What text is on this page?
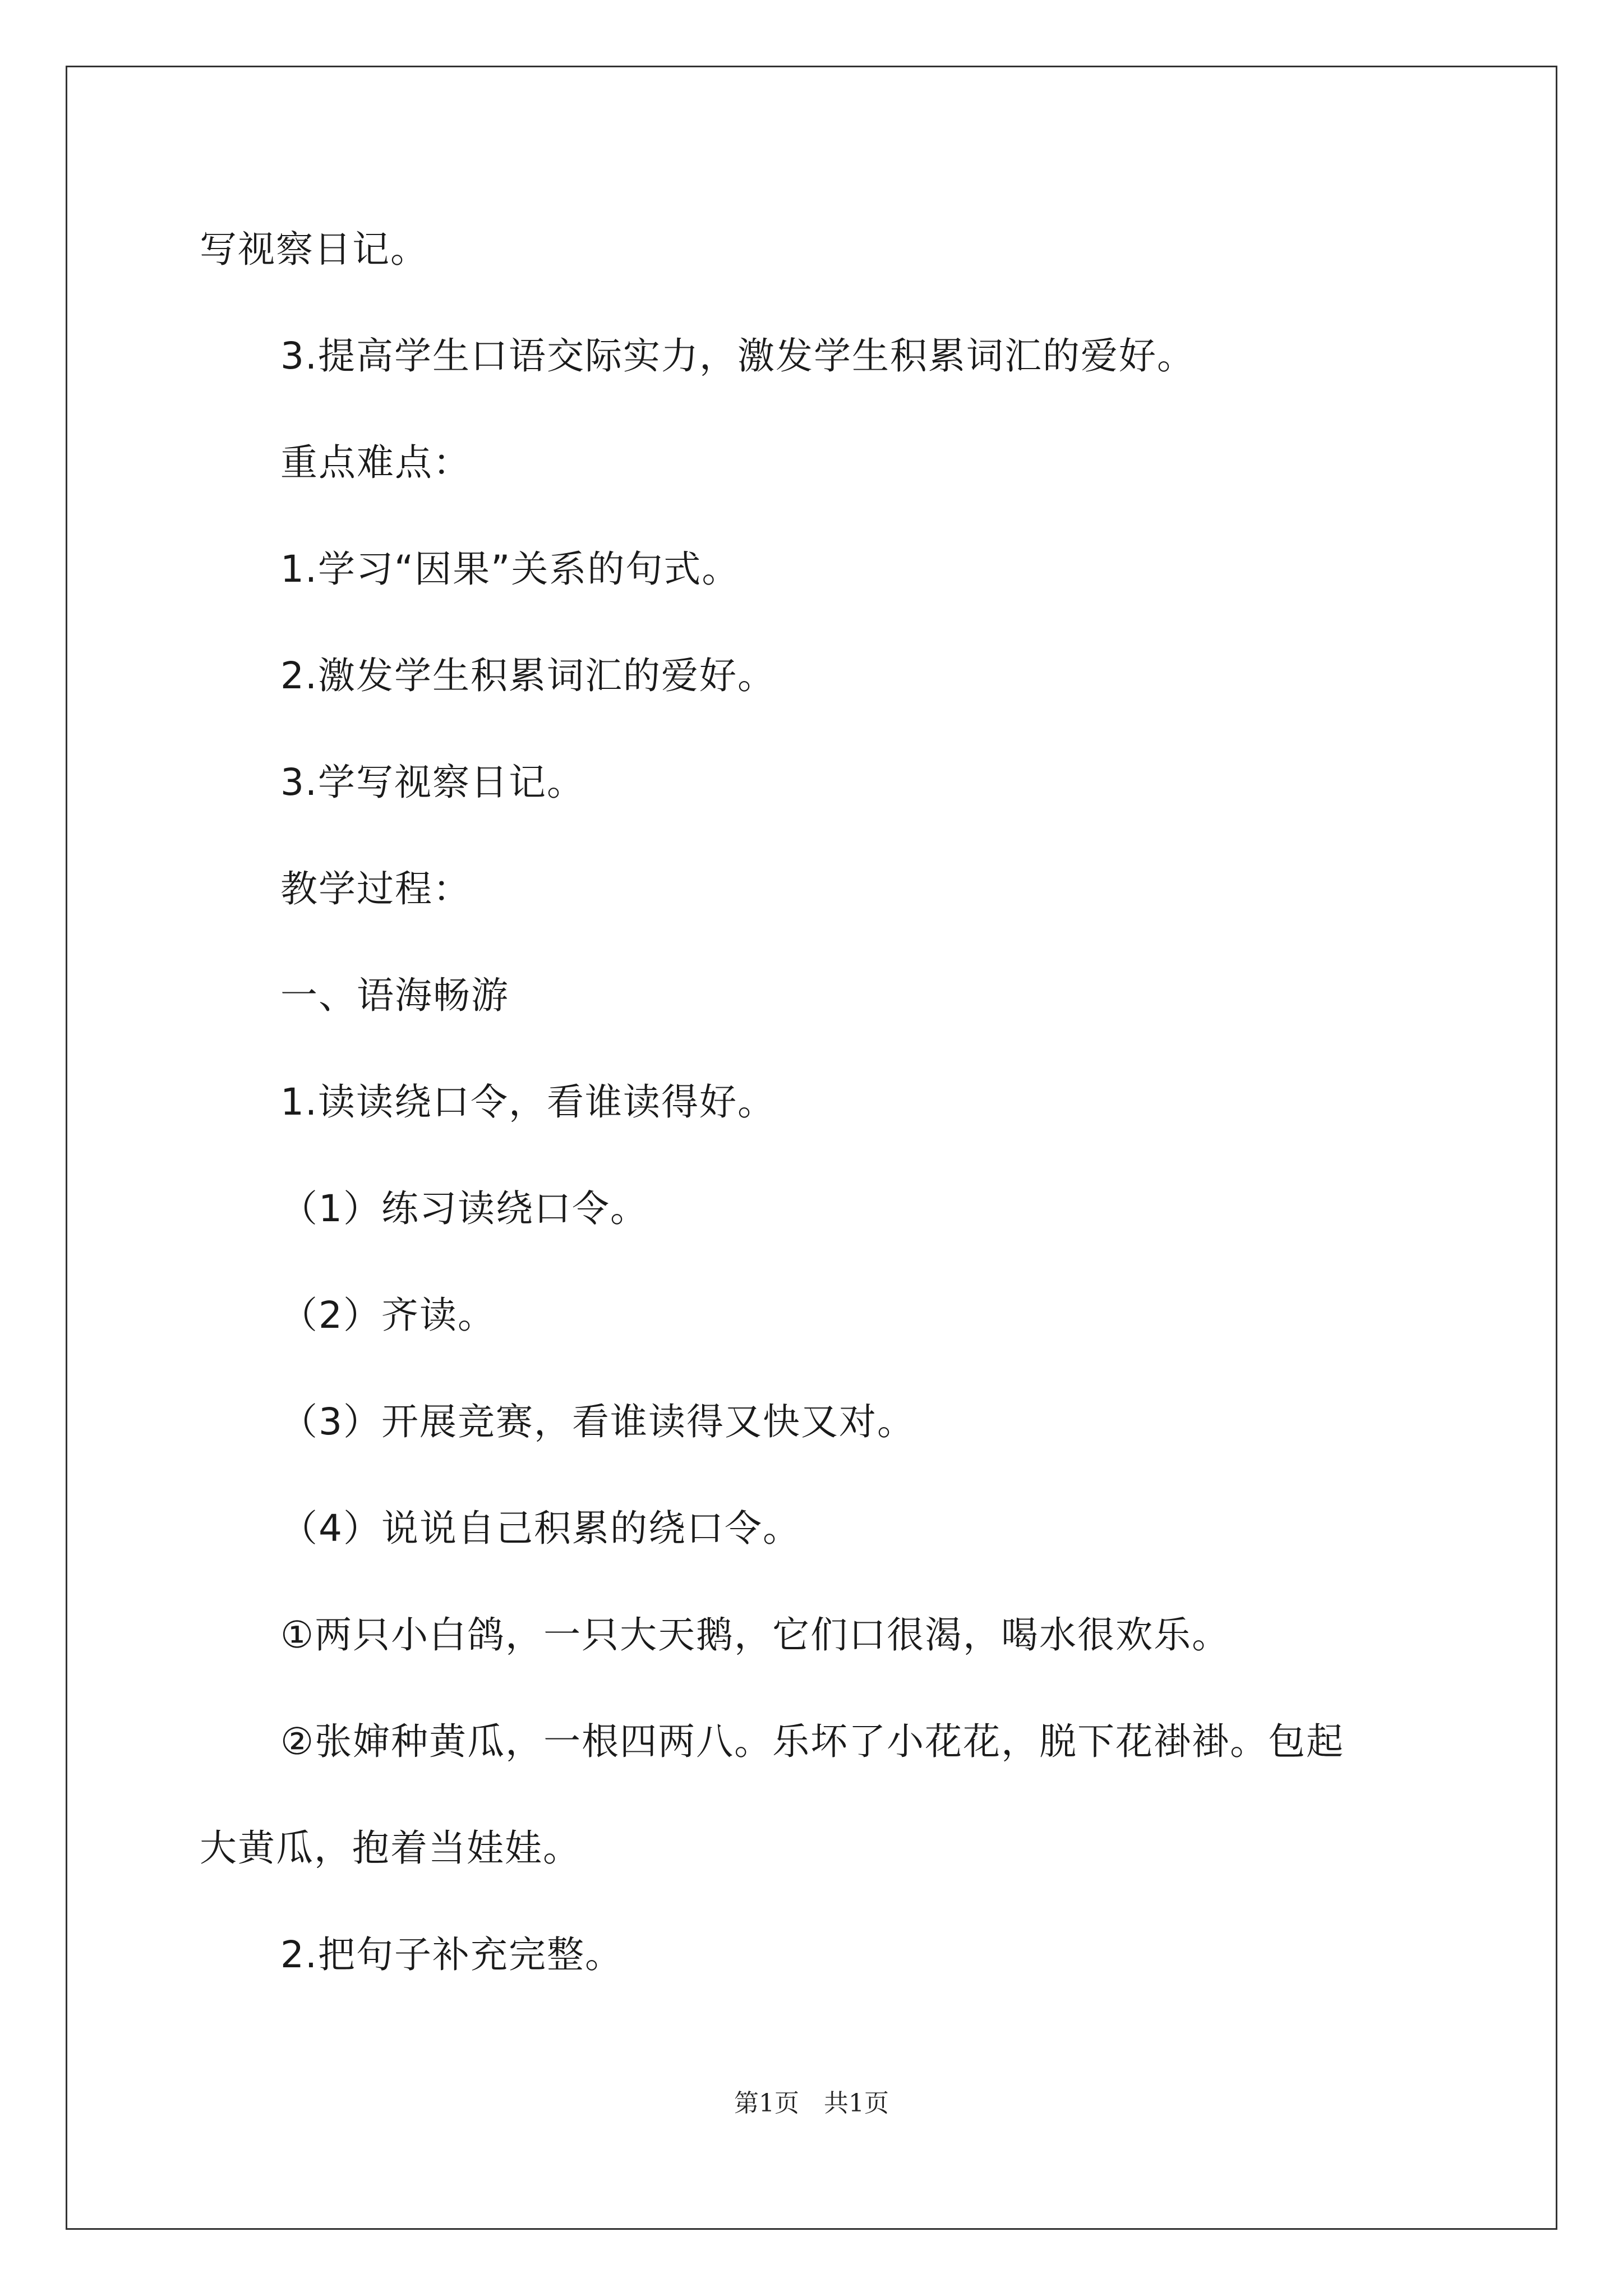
写视察日记。
3.提高学生口语交际实力，激发学生积累词汇的爱好。
重点难点：
1.学习“因果”关系的句式。
2.激发学生积累词汇的爱好。
3.学写视察日记。
教学过程：
一、语海畅游
1.读读绕口令，看谁读得好。
（1）练习读绕口令。
（2）齐读。
（3）开展竞赛，看谁读得又快又对。
（4）说说自己积累的绕口令。
①两只小白鸽，一只大天鹅，它们口很渴，喝水很欢乐。
②张婶种黄瓜，一根四两八。乐坏了小花花，脱下花褂褂。包起
大黄瓜，抱着当娃娃。
2.把句子补充完整。
第1页　共1页
